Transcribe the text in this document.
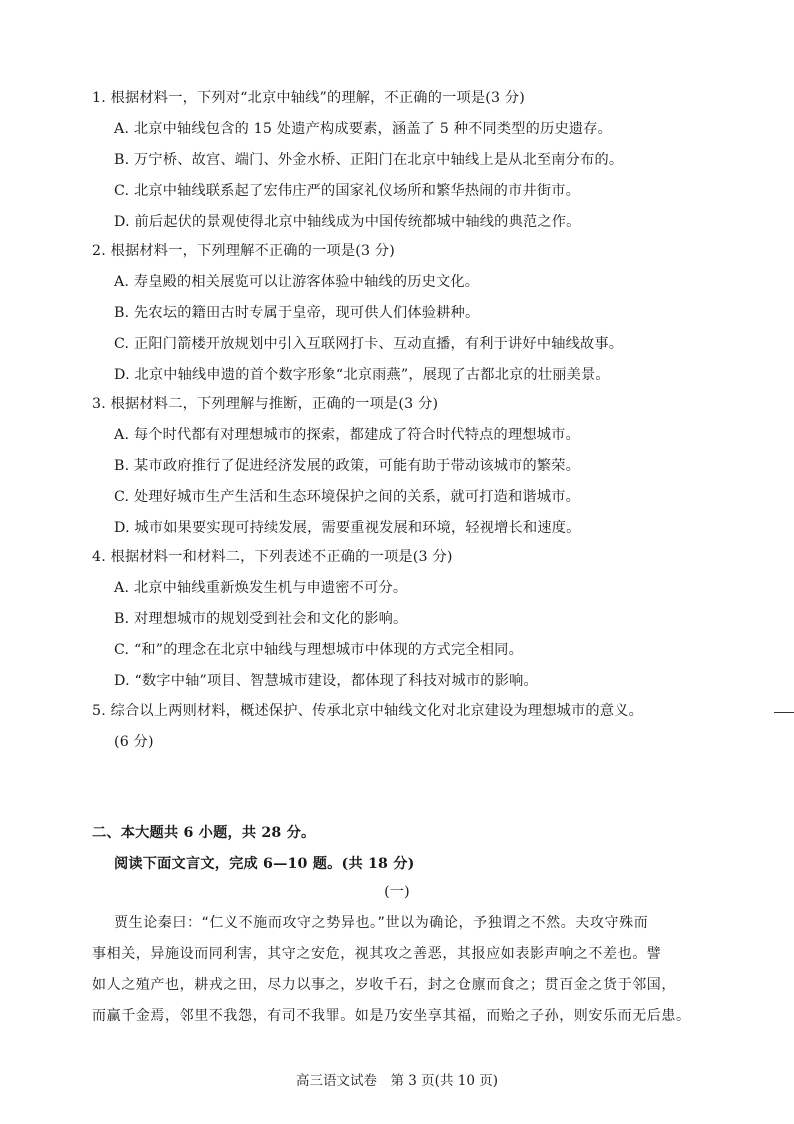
1. 根据材料一，下列对“北京中轴线”的理解，不正确的一项是(3 分)
A. 北京中轴线包含的 15 处遗产构成要素，涵盖了 5 种不同类型的历史遗存。
B. 万宁桥、故宫、端门、外金水桥、正阳门在北京中轴线上是从北至南分布的。
C. 北京中轴线联系起了宏伟庄严的国家礼仪场所和繁华热闹的市井街市。
D. 前后起伏的景观使得北京中轴线成为中国传统都城中轴线的典范之作。
2. 根据材料一，下列理解不正确的一项是(3 分)
A. 寿皇殿的相关展览可以让游客体验中轴线的历史文化。
B. 先农坛的籍田古时专属于皇帝，现可供人们体验耕种。
C. 正阳门箭楼开放规划中引入互联网打卡、互动直播，有利于讲好中轴线故事。
D. 北京中轴线申遗的首个数字形象“北京雨燕”，展现了古都北京的壮丽美景。
3. 根据材料二，下列理解与推断，正确的一项是(3 分)
A. 每个时代都有对理想城市的探索，都建成了符合时代特点的理想城市。
B. 某市政府推行了促进经济发展的政策，可能有助于带动该城市的繁荣。
C. 处理好城市生产生活和生态环境保护之间的关系，就可打造和谐城市。
D. 城市如果要实现可持续发展，需要重视发展和环境，轻视增长和速度。
4. 根据材料一和材料二，下列表述不正确的一项是(3 分)
A. 北京中轴线重新焕发生机与申遗密不可分。
B. 对理想城市的规划受到社会和文化的影响。
C. “和”的理念在北京中轴线与理想城市中体现的方式完全相同。
D. “数字中轴”项目、智慧城市建设，都体现了科技对城市的影响。
5. 综合以上两则材料，概述保护、传承北京中轴线文化对北京建设为理想城市的意义。
(6 分)
二、本大题共 6 小题，共 28 分。
阅读下面文言文，完成 6—10 题。(共 18 分)
(一)
贾生论秦曰：“仁义不施而攻守之势异也。”世以为确论，予独谓之不然。夫攻守殊而
事相关，异施设而同利害，其守之安危，视其攻之善恶，其报应如表影声响之不差也。譬
如人之殖产也，耕戎之田，尽力以事之，岁收千石，封之仓廪而食之；贯百金之货于邻国，
而赢千金焉，邻里不我怨，有司不我罪。如是乃安坐享其福，而贻之子孙，则安乐而无后患。
高三语文试卷　第 3 页(共 10 页)
